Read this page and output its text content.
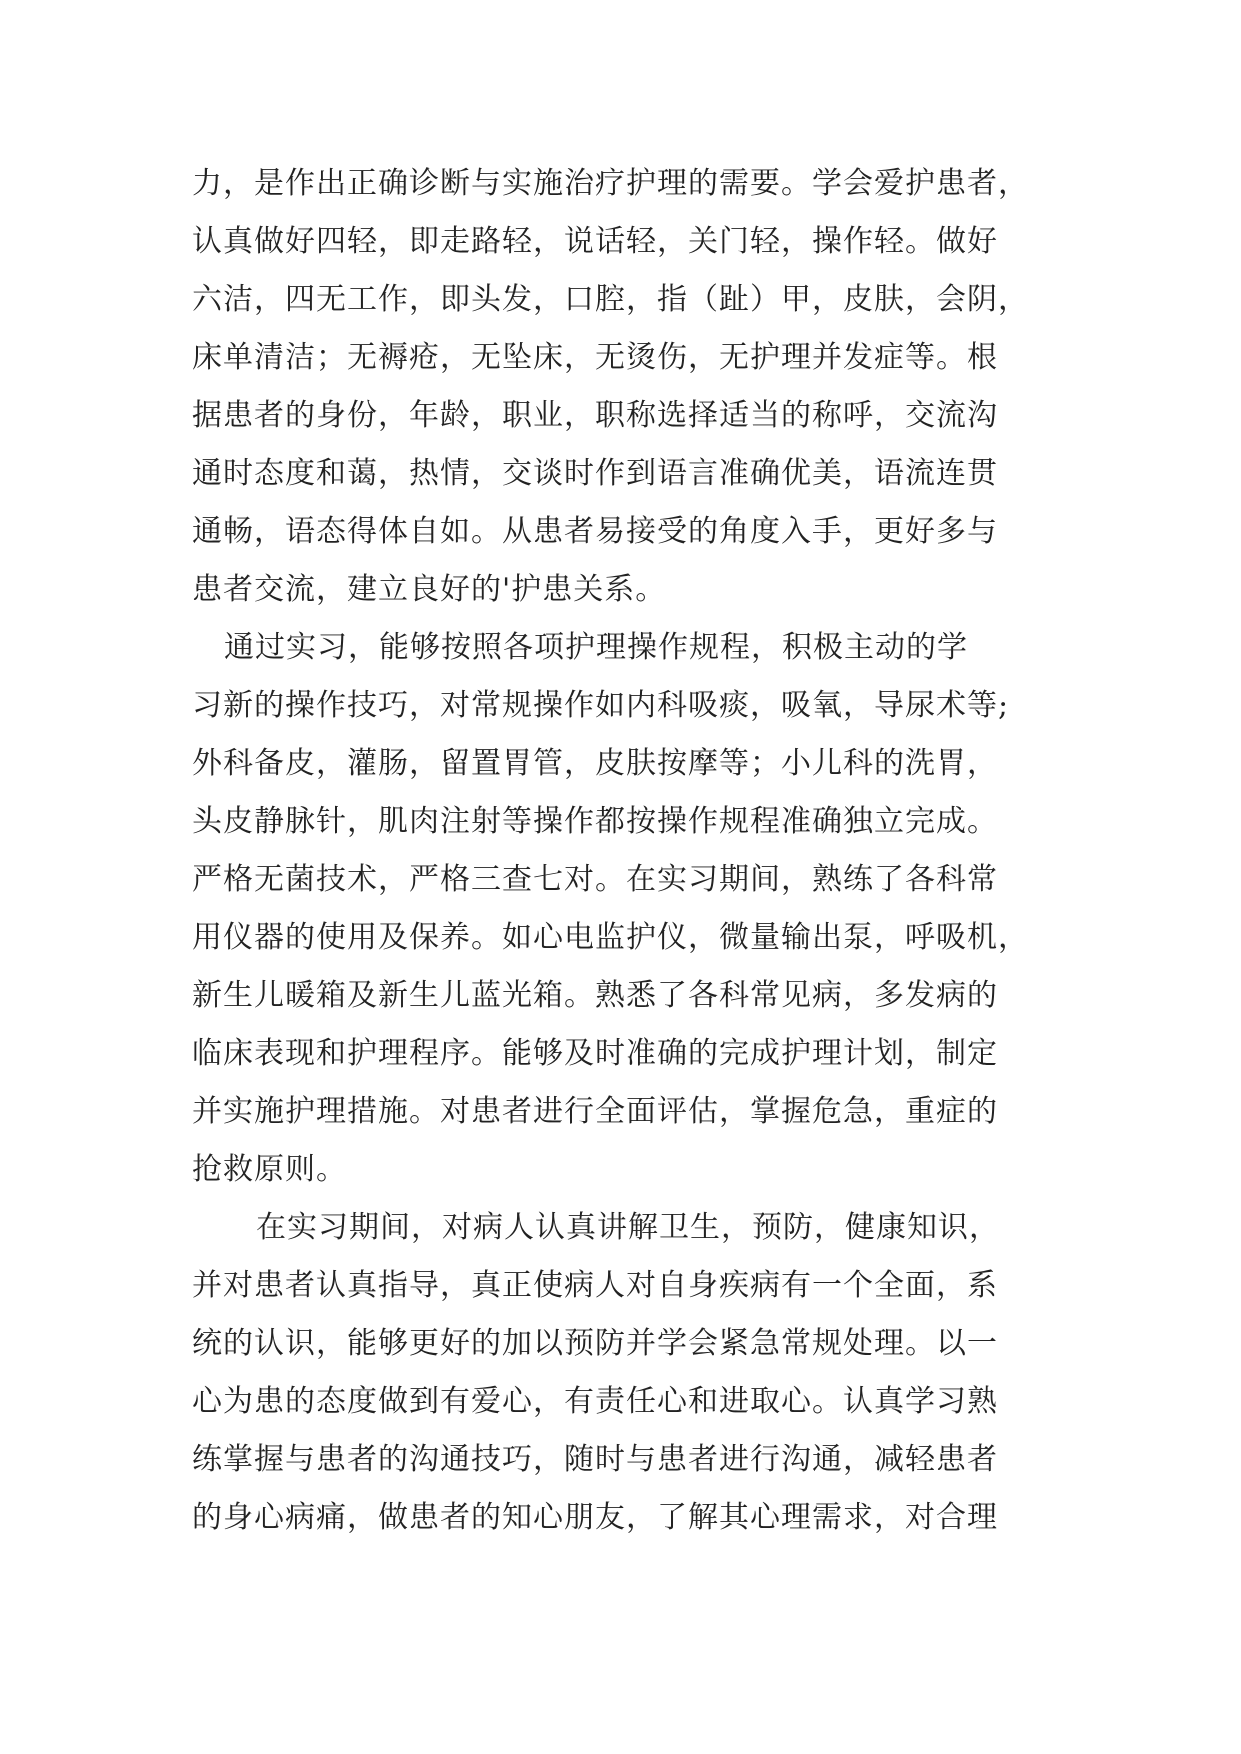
力，是作出正确诊断与实施治疗护理的需要。学会爱护患者，
认真做好四轻，即走路轻，说话轻，关门轻，操作轻。做好
六洁，四无工作，即头发，口腔，指（趾）甲，皮肤，会阴，
床单清洁；无褥疮，无坠床，无烫伤，无护理并发症等。根
据患者的身份，年龄，职业，职称选择适当的称呼，交流沟
通时态度和蔼，热情，交谈时作到语言准确优美，语流连贯
通畅，语态得体自如。从患者易接受的角度入手，更好多与
患者交流，建立良好的'护患关系。
通过实习，能够按照各项护理操作规程，积极主动的学
习新的操作技巧，对常规操作如内科吸痰，吸氧，导尿术等;
外科备皮，灌肠，留置胃管，皮肤按摩等；小儿科的洗胃，
头皮静脉针，肌肉注射等操作都按操作规程准确独立完成。
严格无菌技术，严格三查七对。在实习期间，熟练了各科常
用仪器的使用及保养。如心电监护仪，微量输出泵，呼吸机，
新生儿暖箱及新生儿蓝光箱。熟悉了各科常见病，多发病的
临床表现和护理程序。能够及时准确的完成护理计划，制定
并实施护理措施。对患者进行全面评估，掌握危急，重症的
抢救原则。
在实习期间，对病人认真讲解卫生，预防，健康知识，
并对患者认真指导，真正使病人对自身疾病有一个全面，系
统的认识，能够更好的加以预防并学会紧急常规处理。以一
心为患的态度做到有爱心，有责任心和进取心。认真学习熟
练掌握与患者的沟通技巧，随时与患者进行沟通，减轻患者
的身心病痛，做患者的知心朋友，了解其心理需求，对合理
